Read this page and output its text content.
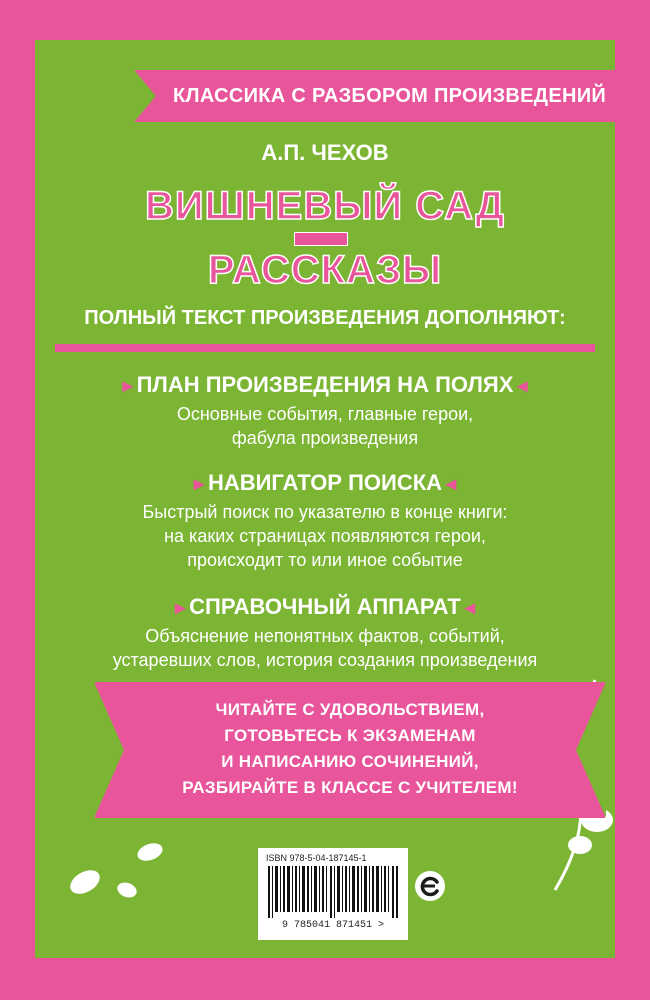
КЛАССИКА С РАЗБОРОМ ПРОИЗВЕДЕНИЙ
А.П. ЧЕХОВ
ВИШНЕВЫЙ САД
РАССКАЗЫ
ПОЛНЫЙ ТЕКСТ ПРОИЗВЕДЕНИЯ ДОПОЛНЯЮТ:
▸ ПЛАН ПРОИЗВЕДЕНИЯ НА ПОЛЯХ ◂
Основные события, главные герои,
фабула произведения
▸ НАВИГАТОР ПОИСКА ◂
Быстрый поиск по указателю в конце книги:
на каких страницах появляются герои,
происходит то или иное событие
▸ СПРАВОЧНЫЙ АППАРАТ ◂
Объяснение непонятных фактов, событий,
устаревших слов, история создания произведения
ЧИТАЙТЕ С УДОВОЛЬСТВИЕМ,
ГОТОВЬТЕСЬ К ЭКЗАМЕНАМ
И НАПИСАНИЮ СОЧИНЕНИЙ,
РАЗБИРАЙТЕ В КЛАССЕ С УЧИТЕЛЕМ!
ISBN 978-5-04-187145-1
9 785041 871451 >
